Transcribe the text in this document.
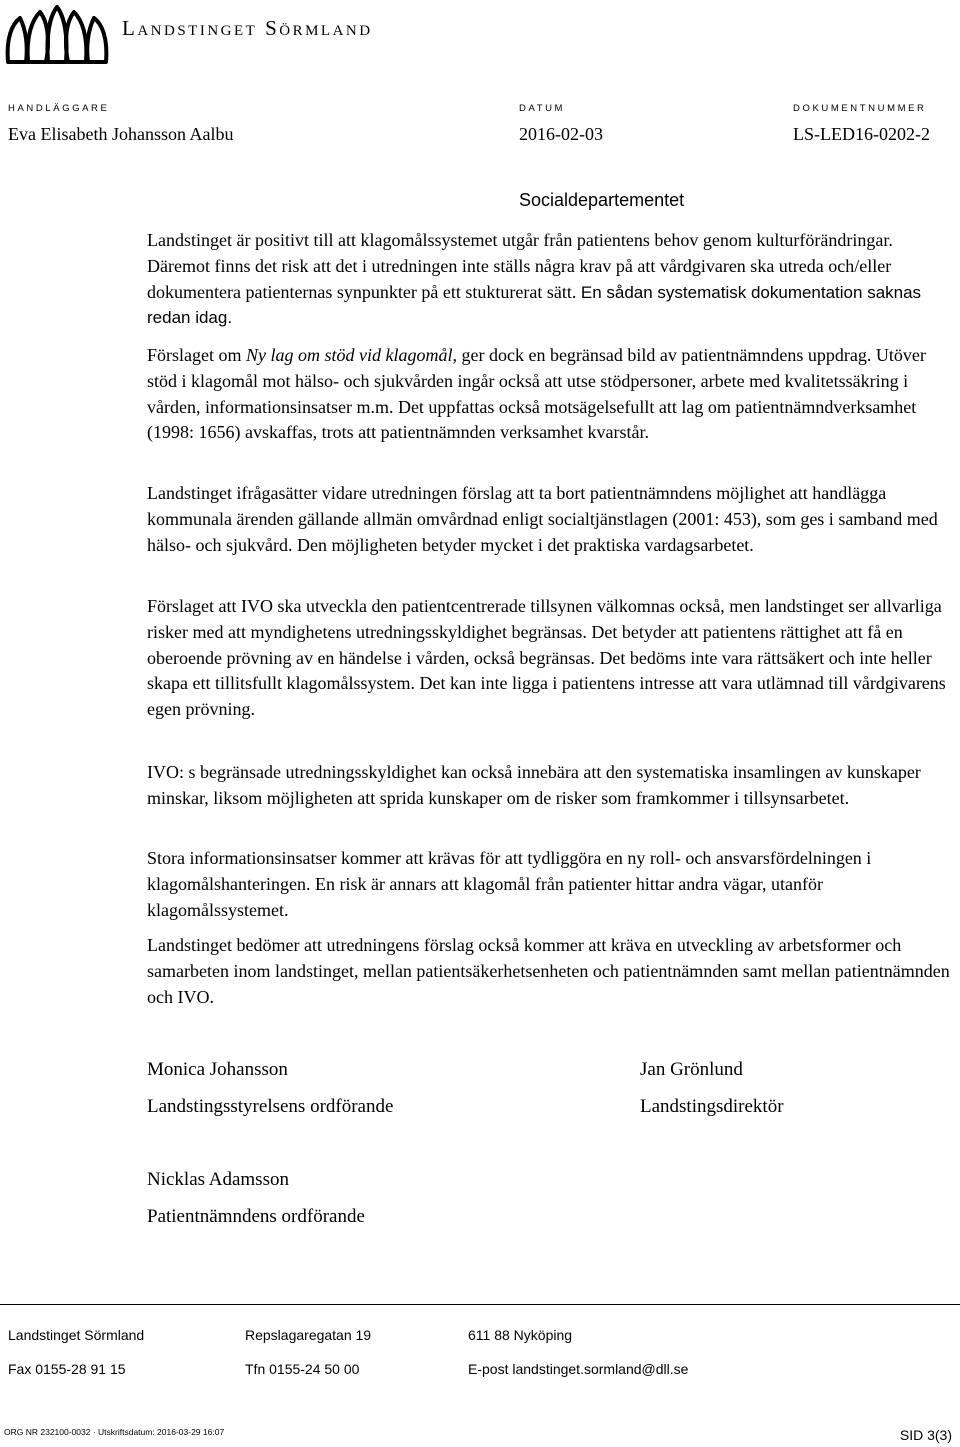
Landstinget Sörmland
HANDLÄGGARE	DATUM	DOKUMENTNUMMER
Eva Elisabeth Johansson Aalbu	2016-02-03	LS-LED16-0202-2
Socialdepartementet

Landstinget är positivt till att klagomålssystemet utgår från patientens behov genom kulturförändringar. Däremot finns det risk att det i utredningen inte ställs några krav på att vårdgivaren ska utreda och/eller dokumentera patienternas synpunkter på ett stukturerat sätt. En sådan systematisk dokumentation saknas redan idag.

Förslaget om Ny lag om stöd vid klagomål, ger dock en begränsad bild av patientnämndens uppdrag. Utöver stöd i klagomål mot hälso- och sjukvården ingår också att utse stödpersoner, arbete med kvalitetssäkring i vården, informationsinsatser m.m. Det uppfattas också motsägelsefullt att lag om patientnämndverksamhet (1998: 1656) avskaffas, trots att patientnämnden verksamhet kvarstår.

Landstinget ifrågasätter vidare utredningen förslag att ta bort patientnämndens möjlighet att handlägga kommunala ärenden gällande allmän omvårdnad enligt socialtjänstlagen (2001: 453), som ges i samband med hälso- och sjukvård. Den möjligheten betyder mycket i det praktiska vardagsarbetet.

Förslaget att IVO ska utveckla den patientcentrerade tillsynen välkomnas också, men landstinget ser allvarliga risker med att myndighetens utredningsskyldighet begränsas. Det betyder att patientens rättighet att få en oberoende prövning av en händelse i vården, också begränsas. Det bedöms inte vara rättsäkert och inte heller skapa ett tillitsfullt klagomålssystem. Det kan inte ligga i patientens intresse att vara utlämnad till vårdgivarens egen prövning.

IVO: s begränsade utredningsskyldighet kan också innebära att den systematiska insamlingen av kunskaper minskar, liksom möjligheten att sprida kunskaper om de risker som framkommer i tillsynsarbetet.

Stora informationsinsatser kommer att krävas för att tydliggöra en ny roll- och ansvarsfördelningen i klagomålshanteringen. En risk är annars att klagomål från patienter hittar andra vägar, utanför klagomålssystemet.

Landstinget bedömer att utredningens förslag också kommer att kräva en utveckling av arbetsformer och samarbeten inom landstinget, mellan patientsäkerhetsenheten och patientnämnden samt mellan patientnämnden och IVO.

Monica Johansson
Landstingsstyrelsens ordförande
Jan Grönlund
Landstingsdirektör
Nicklas Adamsson
Patientnämndens ordförande
Landstinget Sörmland	Repslagaregatan 19	611 88 Nyköping
Fax 0155-28 91 15	Tfn 0155-24 50 00	E-post landstinget.sormland@dll.se
ORG NR 232100-0032 · Utskriftsdatum: 2016-03-29 16:07	SID 3(3)
